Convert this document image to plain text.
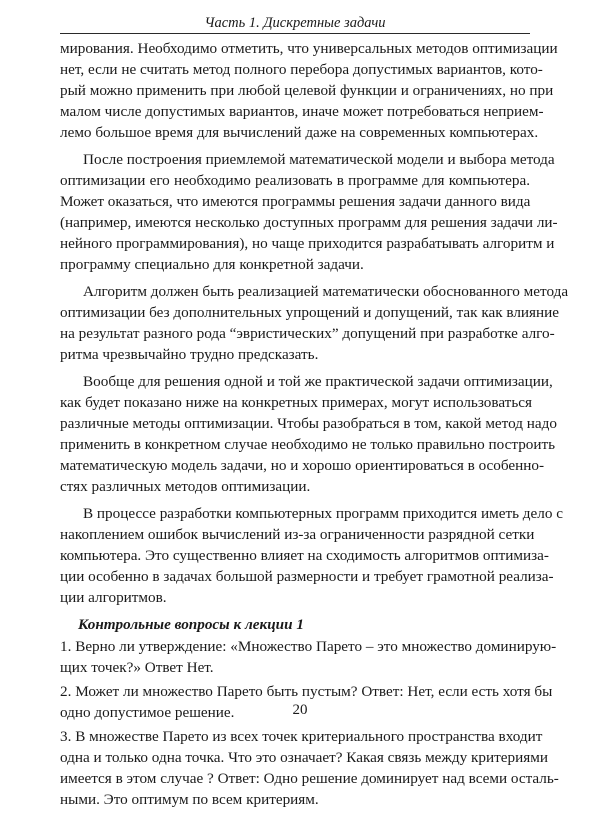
Часть 1. Дискретные задачи
мирования. Необходимо отметить, что универсальных методов оптимизации
нет, если не считать метод полного перебора допустимых вариантов, кото-
рый можно применить при любой целевой функции и ограничениях, но при
малом числе допустимых вариантов, иначе может потребоваться неприем-
лемо большое время для вычислений даже на современных компьютерах.
После построения приемлемой математической модели и выбора метода
оптимизации его необходимо реализовать в программе для компьютера.
Может оказаться, что имеются программы решения задачи данного вида
(например, имеются несколько доступных программ для решения задачи ли-
нейного программирования), но чаще приходится разрабатывать алгоритм и
программу специально для конкретной задачи.
Алгоритм должен быть реализацией математически обоснованного метода
оптимизации без дополнительных упрощений и допущений, так как влияние
на результат разного рода “эвристических” допущений при разработке алго-
ритма чрезвычайно трудно предсказать.
Вообще для решения одной и той же практической задачи оптимизации,
как будет показано ниже на конкретных примерах, могут использоваться
различные методы оптимизации. Чтобы разобраться в том, какой метод надо
применить в конкретном случае необходимо не только правильно построить
математическую модель задачи, но и хорошо ориентироваться в особенно-
стях различных методов оптимизации.
В процессе разработки компьютерных программ приходится иметь дело с
накоплением ошибок вычислений из-за ограниченности разрядной сетки
компьютера. Это существенно влияет на сходимость алгоритмов оптимиза-
ции особенно в задачах большой размерности и требует грамотной реализа-
ции алгоритмов.
Контрольные вопросы к лекции 1
1. Верно ли утверждение: «Множество Парето – это множество доминирую-
щих точек?» Ответ Нет.
2. Может ли множество Парето быть пустым? Ответ: Нет, если есть хотя бы
одно допустимое решение.
3. В множестве Парето из всех точек критериального пространства входит
одна и только одна точка. Что это означает? Какая связь между критериями
имеется в этом случае ? Ответ: Одно решение доминирует над всеми осталь-
ными. Это оптимум по всем критериям.
20
